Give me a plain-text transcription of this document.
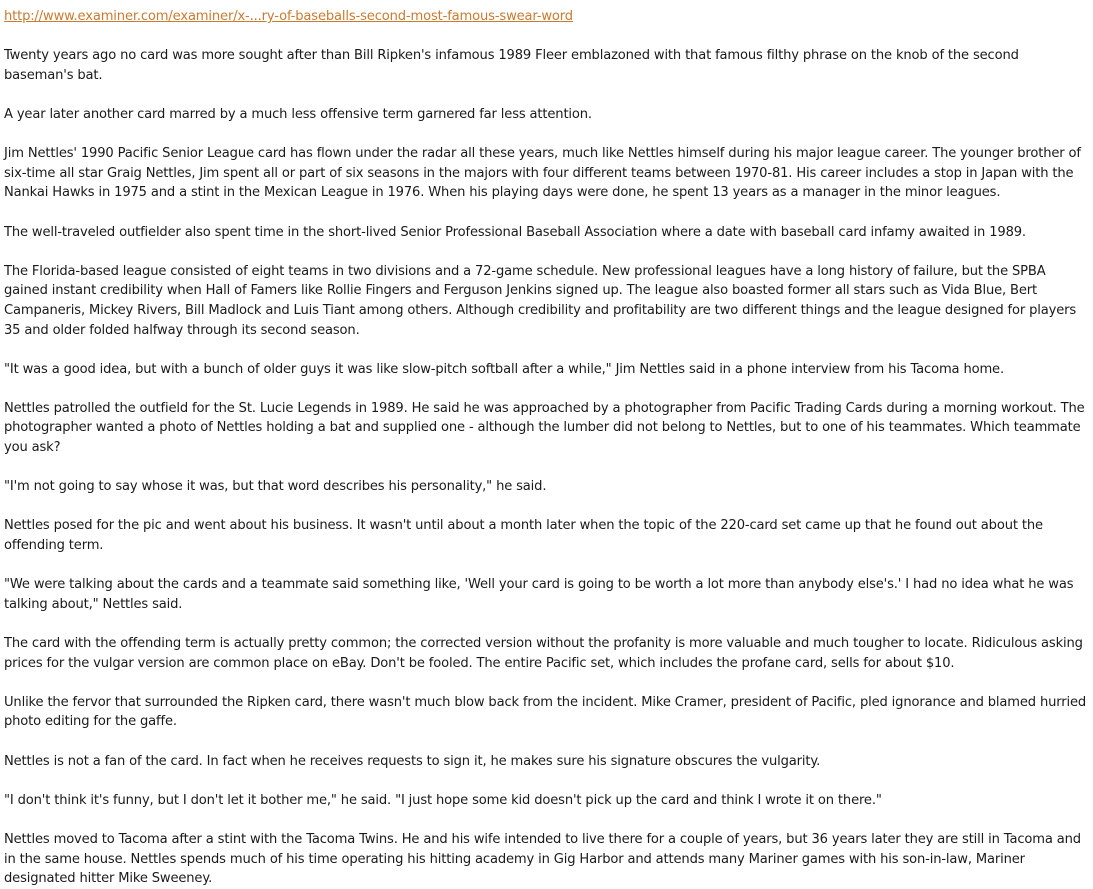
http://www.examiner.com/examiner/x-...ry-of-baseballs-second-most-famous-swear-word

Twenty years ago no card was more sought after than Bill Ripken's infamous 1989 Fleer emblazoned with that famous filthy phrase on the knob of the second baseman's bat.

A year later another card marred by a much less offensive term garnered far less attention.

Jim Nettles' 1990 Pacific Senior League card has flown under the radar all these years, much like Nettles himself during his major league career. The younger brother of six-time all star Graig Nettles, Jim spent all or part of six seasons in the majors with four different teams between 1970-81. His career includes a stop in Japan with the Nankai Hawks in 1975 and a stint in the Mexican League in 1976. When his playing days were done, he spent 13 years as a manager in the minor leagues.

The well-traveled outfielder also spent time in the short-lived Senior Professional Baseball Association where a date with baseball card infamy awaited in 1989.

The Florida-based league consisted of eight teams in two divisions and a 72-game schedule. New professional leagues have a long history of failure, but the SPBA gained instant credibility when Hall of Famers like Rollie Fingers and Ferguson Jenkins signed up. The league also boasted former all stars such as Vida Blue, Bert Campaneris, Mickey Rivers, Bill Madlock and Luis Tiant among others. Although credibility and profitability are two different things and the league designed for players 35 and older folded halfway through its second season.

"It was a good idea, but with a bunch of older guys it was like slow-pitch softball after a while," Jim Nettles said in a phone interview from his Tacoma home.

Nettles patrolled the outfield for the St. Lucie Legends in 1989. He said he was approached by a photographer from Pacific Trading Cards during a morning workout. The photographer wanted a photo of Nettles holding a bat and supplied one - although the lumber did not belong to Nettles, but to one of his teammates. Which teammate you ask?

"I'm not going to say whose it was, but that word describes his personality," he said.

Nettles posed for the pic and went about his business. It wasn't until about a month later when the topic of the 220-card set came up that he found out about the offending term.

"We were talking about the cards and a teammate said something like, 'Well your card is going to be worth a lot more than anybody else's.' I had no idea what he was talking about," Nettles said.

The card with the offending term is actually pretty common; the corrected version without the profanity is more valuable and much tougher to locate. Ridiculous asking prices for the vulgar version are common place on eBay. Don't be fooled. The entire Pacific set, which includes the profane card, sells for about $10.

Unlike the fervor that surrounded the Ripken card, there wasn't much blow back from the incident. Mike Cramer, president of Pacific, pled ignorance and blamed hurried photo editing for the gaffe.

Nettles is not a fan of the card. In fact when he receives requests to sign it, he makes sure his signature obscures the vulgarity.

"I don't think it's funny, but I don't let it bother me," he said. "I just hope some kid doesn't pick up the card and think I wrote it on there."

Nettles moved to Tacoma after a stint with the Tacoma Twins. He and his wife intended to live there for a couple of years, but 36 years later they are still in Tacoma and in the same house. Nettles spends much of his time operating his hitting academy in Gig Harbor and attends many Mariner games with his son-in-law, Mariner designated hitter Mike Sweeney.
